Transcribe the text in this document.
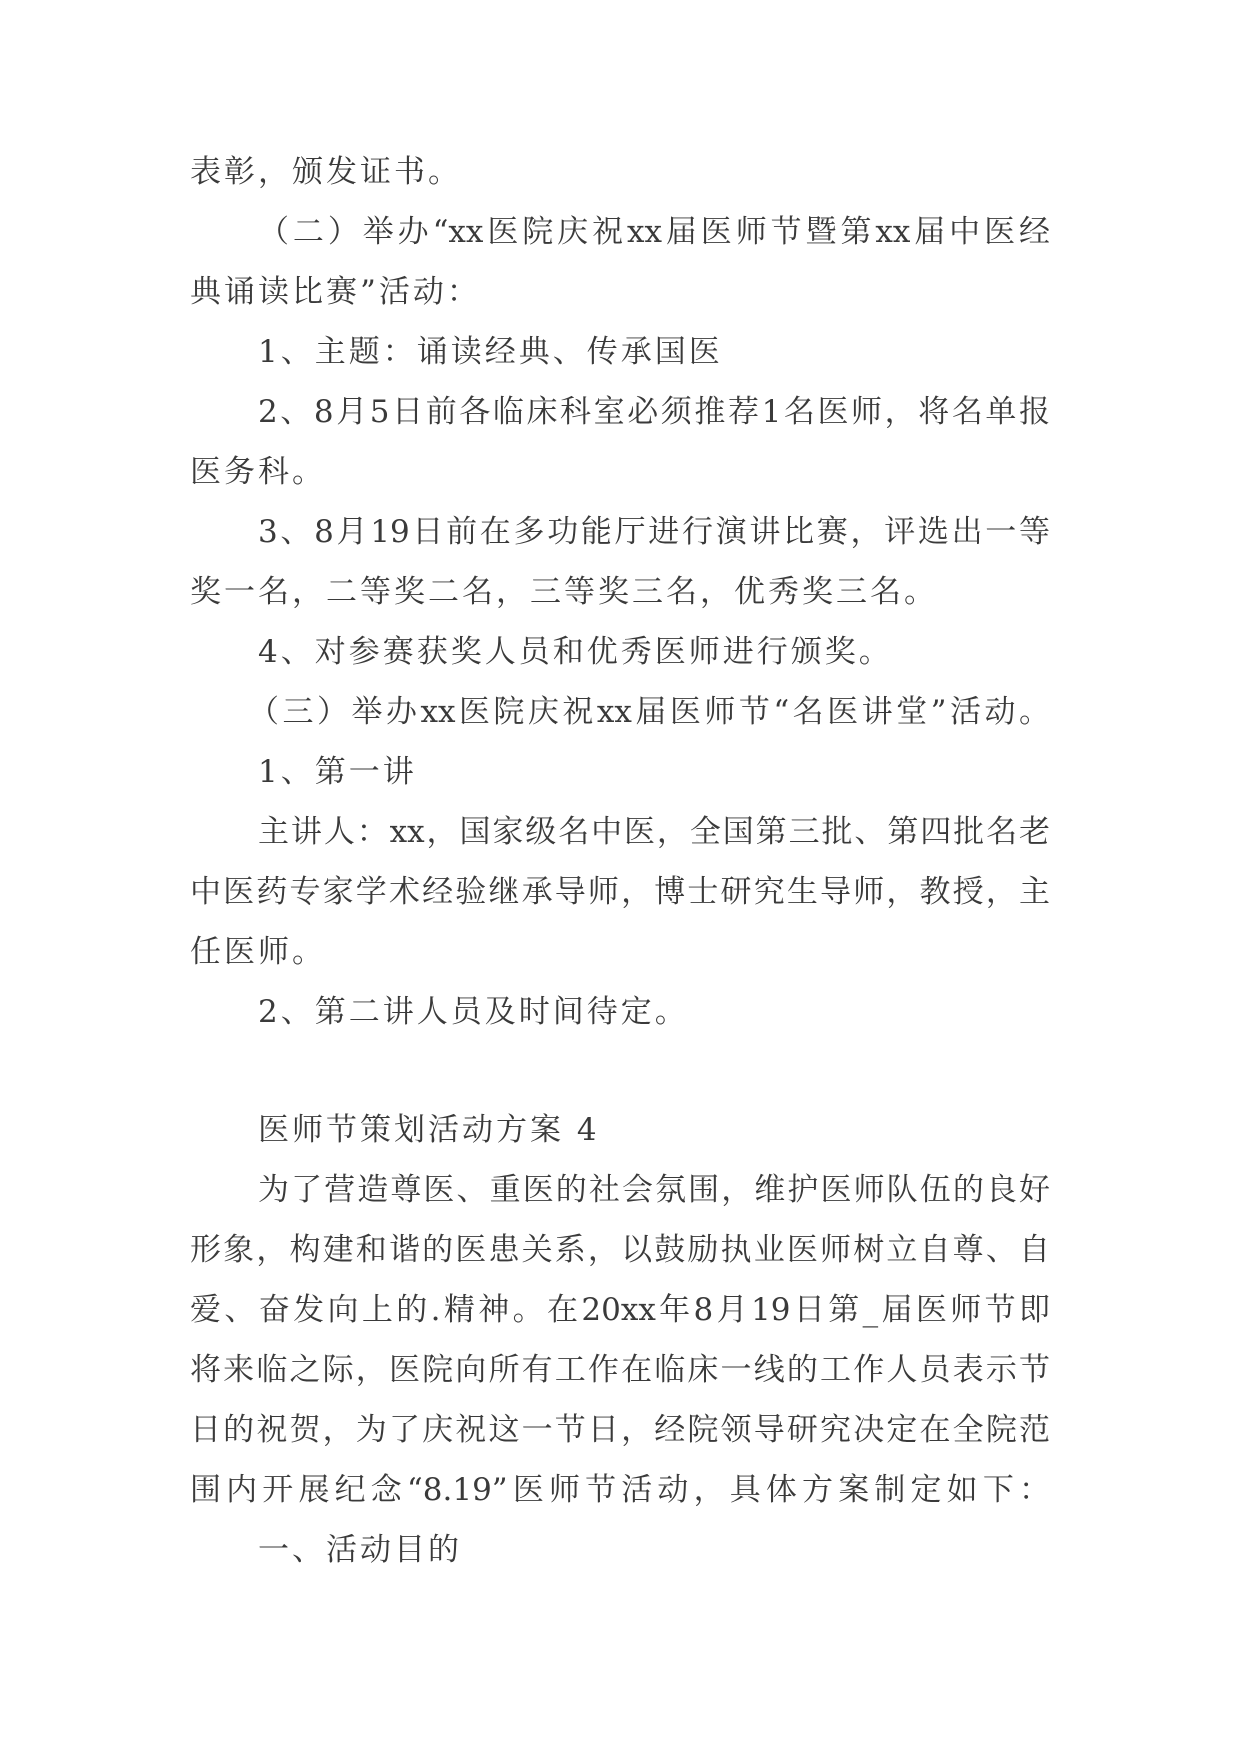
表彰，颁发证书。
（二）举办“xx医院庆祝xx届医师节暨第xx届中医经
典诵读比赛”活动：
1、主题：诵读经典、传承国医
2、8月5日前各临床科室必须推荐1名医师，将名单报
医务科。
3、8月19日前在多功能厅进行演讲比赛，评选出一等
奖一名，二等奖二名，三等奖三名，优秀奖三名。
4、对参赛获奖人员和优秀医师进行颁奖。
（三）举办xx医院庆祝xx届医师节“名医讲堂”活动。
1、第一讲
主讲人：xx，国家级名中医，全国第三批、第四批名老
中医药专家学术经验继承导师，博士研究生导师，教授，主
任医师。
2、第二讲人员及时间待定。
医师节策划活动方案 4
为了营造尊医、重医的社会氛围，维护医师队伍的良好
形象，构建和谐的医患关系，以鼓励执业医师树立自尊、自
爱、奋发向上的.精神。在20xx年8月19日第_届医师节即
将来临之际，医院向所有工作在临床一线的工作人员表示节
日的祝贺，为了庆祝这一节日，经院领导研究决定在全院范
围内开展纪念“8.19”医师节活动，具体方案制定如下：
一、活动目的
